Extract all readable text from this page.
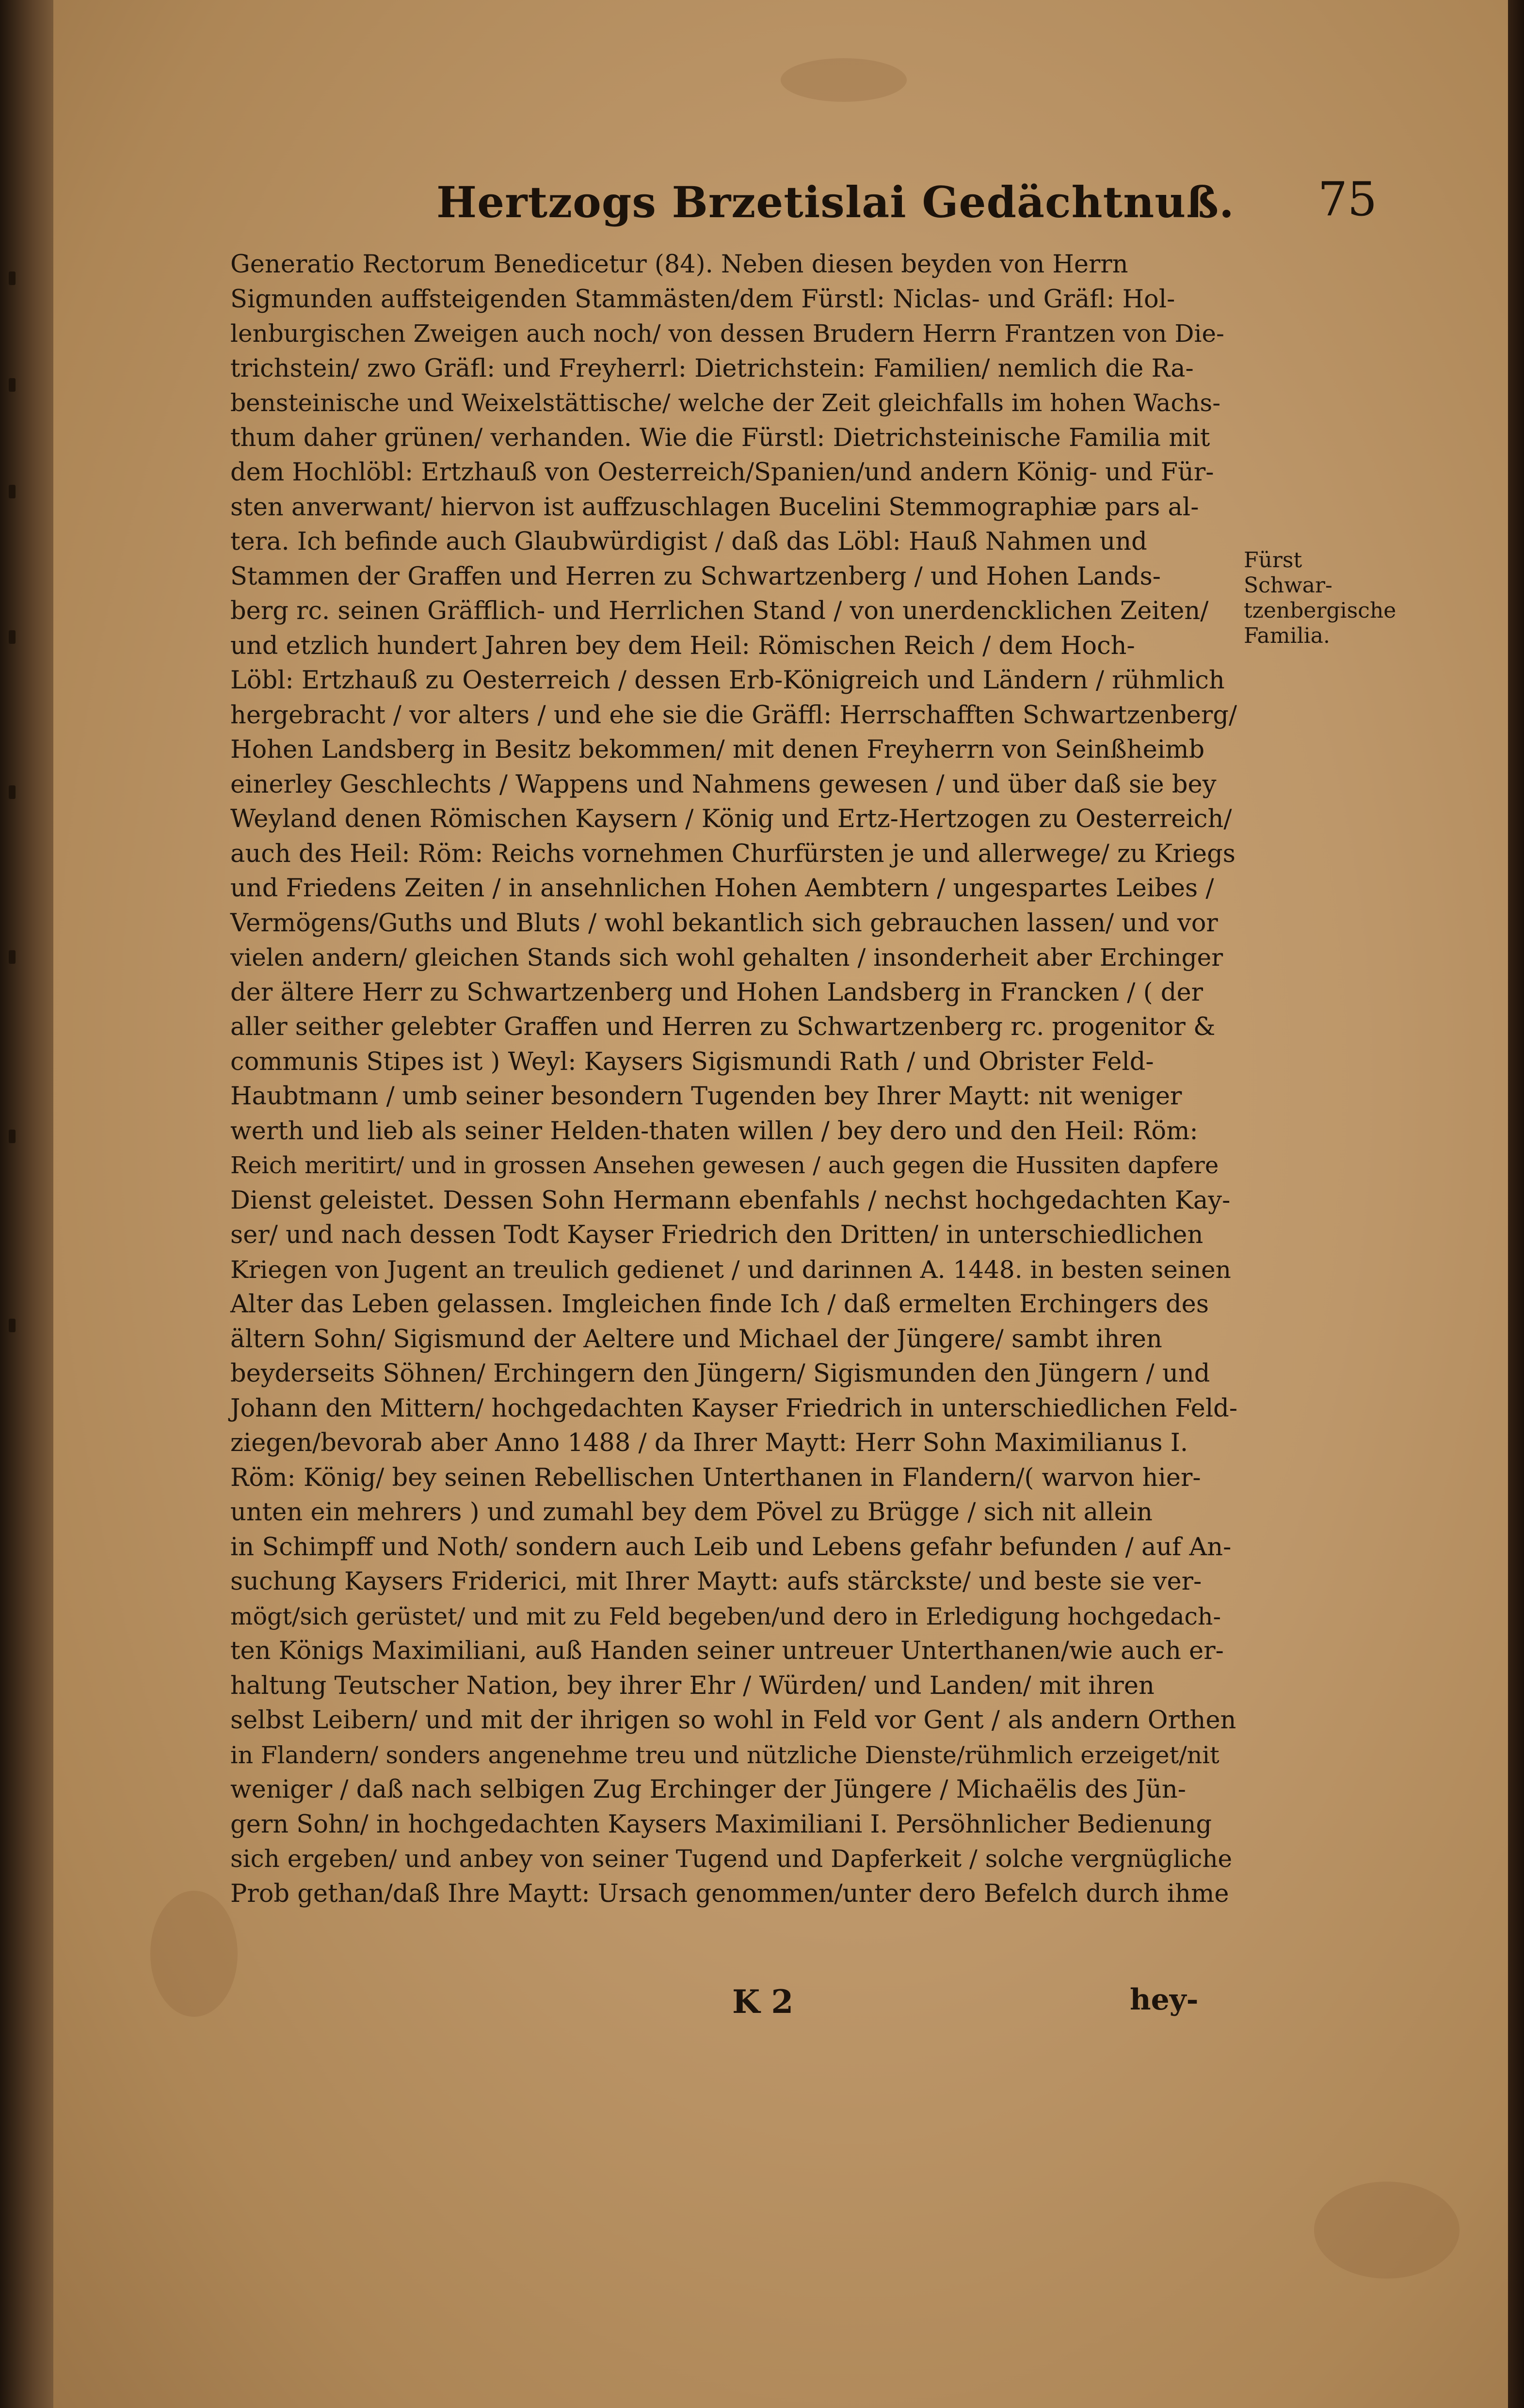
Hertzogs Brzetislai Gedächtnuß. 75
Generatio Rectorum Benedicetur (84). Neben diesen beyden von Herrn
Sigmunden auffsteigenden Stammästen/dem Fürstl: Niclas- und Gräfl: Hol-
lenburgischen Zweigen auch noch/ von dessen Brudern Herrn Frantzen von Die-
trichstein/ zwo Gräfl: und Freyherrl: Dietrichstein: Familien/ nemlich die Ra-
bensteinische und Weixelstättische/ welche der Zeit gleichfalls im hohen Wachs-
thum daher grünen/ verhanden. Wie die Fürstl: Dietrichsteinische Familia mit
dem Hochlöbl: Ertzhauß von Oesterreich/Spanien/und andern König- und Für-
sten anverwant/ hiervon ist auffzuschlagen Bucelini Stemmographiæ pars al-
tera. Ich befinde auch Glaubwürdigist / daß das Löbl: Hauß Nahmen und
Stammen der Graffen und Herren zu Schwartzenberg / und Hohen Lands-
berg rc. seinen Gräfflich- und Herrlichen Stand / von unerdencklichen Zeiten/
und etzlich hundert Jahren bey dem Heil: Römischen Reich / dem Hoch-
Löbl: Ertzhauß zu Oesterreich / dessen Erb-Königreich und Ländern / rühmlich
hergebracht / vor alters / und ehe sie die Gräffl: Herrschafften Schwartzenberg/
Hohen Landsberg in Besitz bekommen/ mit denen Freyherrn von Seinßheimb
einerley Geschlechts / Wappens und Nahmens gewesen / und über daß sie bey
Weyland denen Römischen Kaysern / König und Ertz-Hertzogen zu Oesterreich/
auch des Heil: Röm: Reichs vornehmen Churfürsten je und allerwege/ zu Kriegs
und Friedens Zeiten / in ansehnlichen Hohen Aembtern / ungespartes Leibes /
Vermögens/Guths und Bluts / wohl bekantlich sich gebrauchen lassen/ und vor
vielen andern/ gleichen Stands sich wohl gehalten / insonderheit aber Erchinger
der ältere Herr zu Schwartzenberg und Hohen Landsberg in Francken / ( der
aller seither gelebter Graffen und Herren zu Schwartzenberg rc. progenitor &
communis Stipes ist ) Weyl: Kaysers Sigismundi Rath / und Obrister Feld-
Haubtmann / umb seiner besondern Tugenden bey Ihrer Maytt: nit weniger
werth und lieb als seiner Helden-thaten willen / bey dero und den Heil: Röm:
Reich meritirt/ und in grossen Ansehen gewesen / auch gegen die Hussiten dapfere
Dienst geleistet. Dessen Sohn Hermann ebenfahls / nechst hochgedachten Kay-
ser/ und nach dessen Todt Kayser Friedrich den Dritten/ in unterschiedlichen
Kriegen von Jugent an treulich gedienet / und darinnen A. 1448. in besten seinen
Alter das Leben gelassen. Imgleichen finde Ich / daß ermelten Erchingers des
ältern Sohn/ Sigismund der Aeltere und Michael der Jüngere/ sambt ihren
beyderseits Söhnen/ Erchingern den Jüngern/ Sigismunden den Jüngern / und
Johann den Mittern/ hochgedachten Kayser Friedrich in unterschiedlichen Feld-
ziegen/bevorab aber Anno 1488 / da Ihrer Maytt: Herr Sohn Maximilianus I.
Röm: König/ bey seinen Rebellischen Unterthanen in Flandern/( warvon hier-
unten ein mehrers ) und zumahl bey dem Pövel zu Brügge / sich nit allein
in Schimpff und Noth/ sondern auch Leib und Lebens gefahr befunden / auf An-
suchung Kaysers Friderici, mit Ihrer Maytt: aufs stärckste/ und beste sie ver-
mögt/sich gerüstet/ und mit zu Feld begeben/und dero in Erledigung hochgedach-
ten Königs Maximiliani, auß Handen seiner untreuer Unterthanen/wie auch er-
haltung Teutscher Nation, bey ihrer Ehr / Würden/ und Landen/ mit ihren
selbst Leibern/ und mit der ihrigen so wohl in Feld vor Gent / als andern Orthen
in Flandern/ sonders angenehme treu und nützliche Dienste/rühmlich erzeiget/nit
weniger / daß nach selbigen Zug Erchinger der Jüngere / Michaëlis des Jün-
gern Sohn/ in hochgedachten Kaysers Maximiliani I. Persöhnlicher Bedienung
sich ergeben/ und anbey von seiner Tugend und Dapferkeit / solche vergnügliche
Prob gethan/daß Ihre Maytt: Ursach genommen/unter dero Befelch durch ihme
Fürst Schwar-
tzenbergische
Familia.
K 2	hey-
